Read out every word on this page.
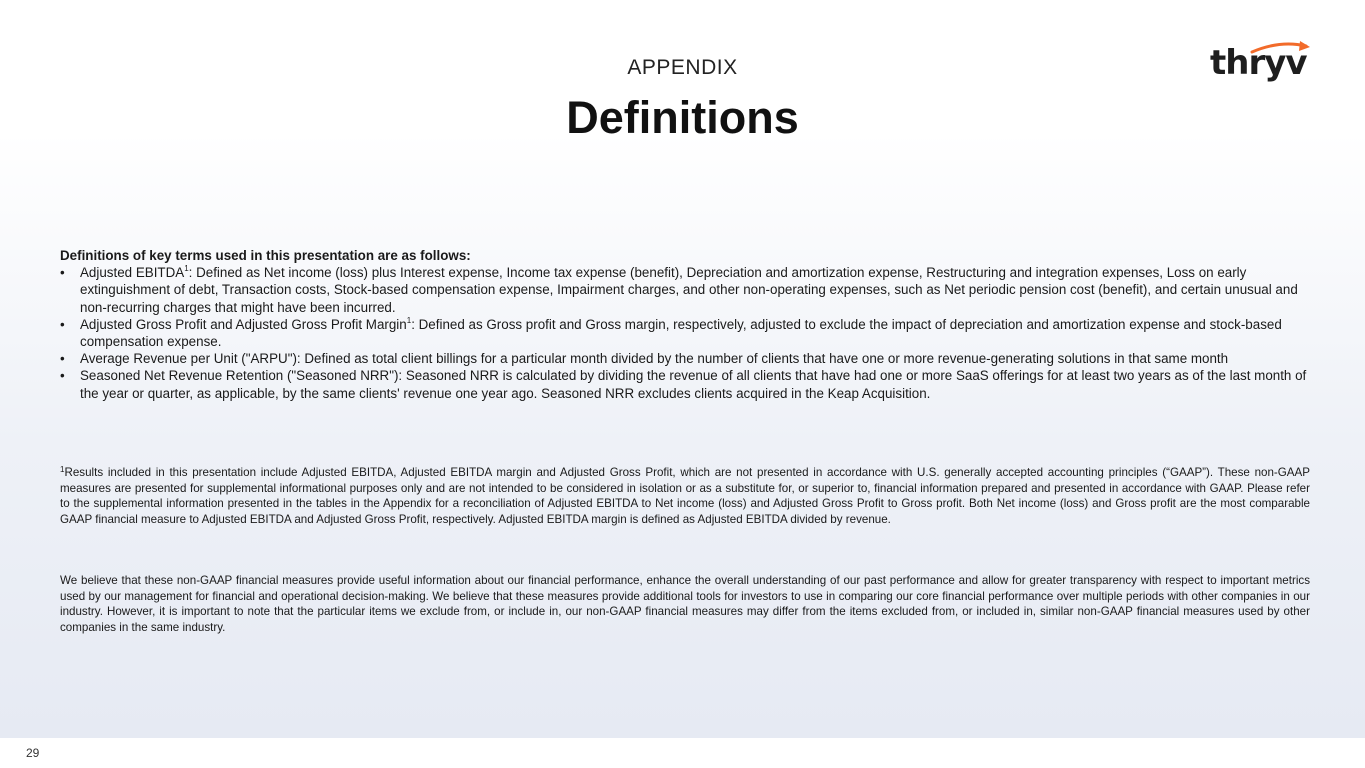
APPENDIX
Definitions
thryv

Definitions of key terms used in this presentation are as follows:

• Adjusted EBITDA$^1$: Defined as Net income (loss) plus Interest expense, Income tax expense (benefit), Depreciation and amortization expense, Restructuring and integration expenses, Loss on early extinguishment of debt, Transaction costs, Stock-based compensation expense, Impairment charges, and other non-operating expenses, such as Net periodic pension cost (benefit), and certain unusual and non-recurring charges that might have been incurred.
• Adjusted Gross Profit and Adjusted Gross Profit Margin$^1$: Defined as Gross profit and Gross margin, respectively, adjusted to exclude the impact of depreciation and amortization expense and stock-based compensation expense.
• Average Revenue per Unit ("ARPU"): Defined as total client billings for a particular month divided by the number of clients that have one or more revenue-generating solutions in that same month
• Seasoned Net Revenue Retention ("Seasoned NRR"): Seasoned NRR is calculated by dividing the revenue of all clients that have had one or more SaaS offerings for at least two years as of the last month of the year or quarter, as applicable, by the same clients' revenue one year ago. Seasoned NRR excludes clients acquired in the Keap Acquisition.

$^1$Results included in this presentation include Adjusted EBITDA, Adjusted EBITDA margin and Adjusted Gross Profit, which are not presented in accordance with U.S. generally accepted accounting principles (“GAAP”). These non-GAAP measures are presented for supplemental informational purposes only and are not intended to be considered in isolation or as a substitute for, or superior to, financial information prepared and presented in accordance with GAAP. Please refer to the supplemental information presented in the tables in the Appendix for a reconciliation of Adjusted EBITDA to Net income (loss) and Adjusted Gross Profit to Gross profit. Both Net income (loss) and Gross profit are the most comparable GAAP financial measure to Adjusted EBITDA and Adjusted Gross Profit, respectively. Adjusted EBITDA margin is defined as Adjusted EBITDA divided by revenue.

We believe that these non-GAAP financial measures provide useful information about our financial performance, enhance the overall understanding of our past performance and allow for greater transparency with respect to important metrics used by our management for financial and operational decision-making. We believe that these measures provide additional tools for investors to use in comparing our core financial performance over multiple periods with other companies in our industry. However, it is important to note that the particular items we exclude from, or include in, our non-GAAP financial measures may differ from the items excluded from, or included in, similar non-GAAP financial measures used by other companies in the same industry.

29
